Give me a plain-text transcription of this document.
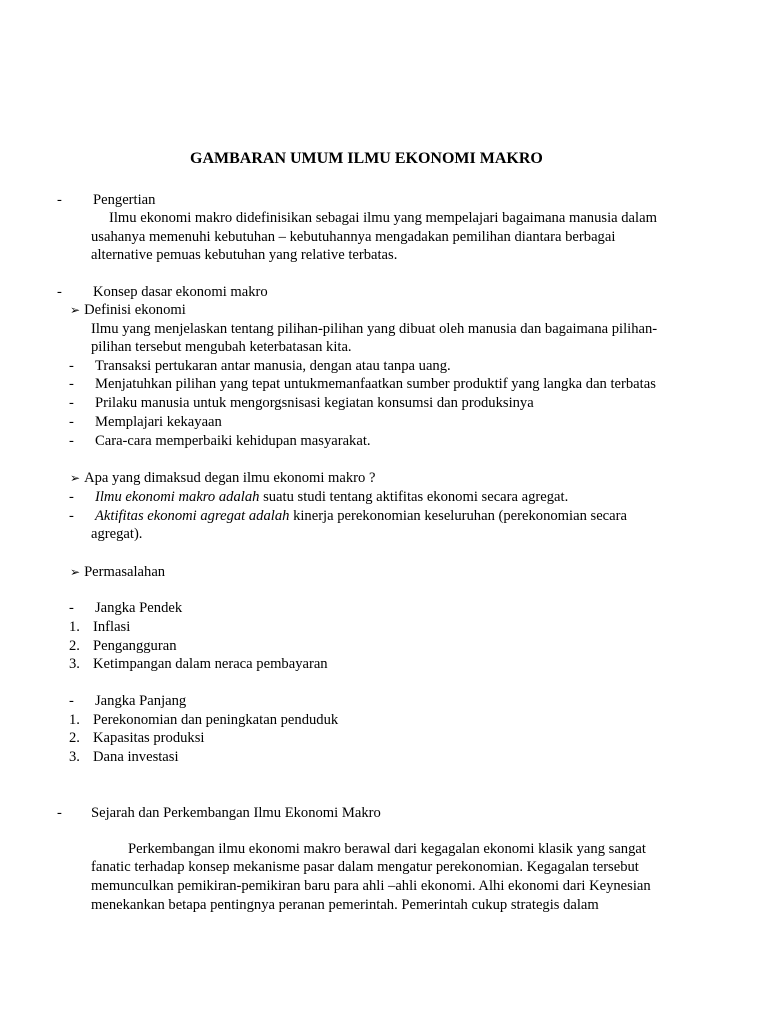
GAMBARAN UMUM ILMU EKONOMI MAKRO
- Pengertian
Ilmu ekonomi makro didefinisikan sebagai ilmu yang mempelajari bagaimana manusia dalam
usahanya memenuhi kebutuhan – kebutuhannya mengadakan pemilihan diantara berbagai
alternative pemuas kebutuhan yang relative terbatas.
- Konsep dasar ekonomi makro
➢ Definisi ekonomi
Ilmu yang menjelaskan tentang pilihan-pilihan yang dibuat oleh manusia dan bagaimana pilihan-
pilihan tersebut mengubah keterbatasan kita.
- Transaksi pertukaran antar manusia, dengan atau tanpa uang.
- Menjatuhkan pilihan yang tepat untukmemanfaatkan sumber produktif yang langka dan terbatas
- Prilaku manusia untuk mengorgsnisasi kegiatan konsumsi dan produksinya
- Memplajari kekayaan
- Cara-cara memperbaiki kehidupan masyarakat.
➢ Apa yang dimaksud degan ilmu ekonomi makro ?
- Ilmu ekonomi makro adalah suatu studi tentang aktifitas ekonomi secara agregat.
- Aktifitas ekonomi agregat adalah kinerja perekonomian keseluruhan (perekonomian secara
agregat).
➢ Permasalahan
- Jangka Pendek
1. Inflasi
2. Pengangguran
3. Ketimpangan dalam neraca pembayaran
- Jangka Panjang
1. Perekonomian dan peningkatan penduduk
2. Kapasitas produksi
3. Dana investasi
- Sejarah dan Perkembangan Ilmu Ekonomi Makro
Perkembangan ilmu ekonomi makro berawal dari kegagalan ekonomi klasik yang sangat
fanatic terhadap konsep mekanisme pasar dalam mengatur perekonomian. Kegagalan tersebut
memunculkan pemikiran-pemikiran baru para ahli –ahli ekonomi. Alhi ekonomi dari Keynesian
menekankan betapa pentingnya peranan pemerintah. Pemerintah cukup strategis dalam
